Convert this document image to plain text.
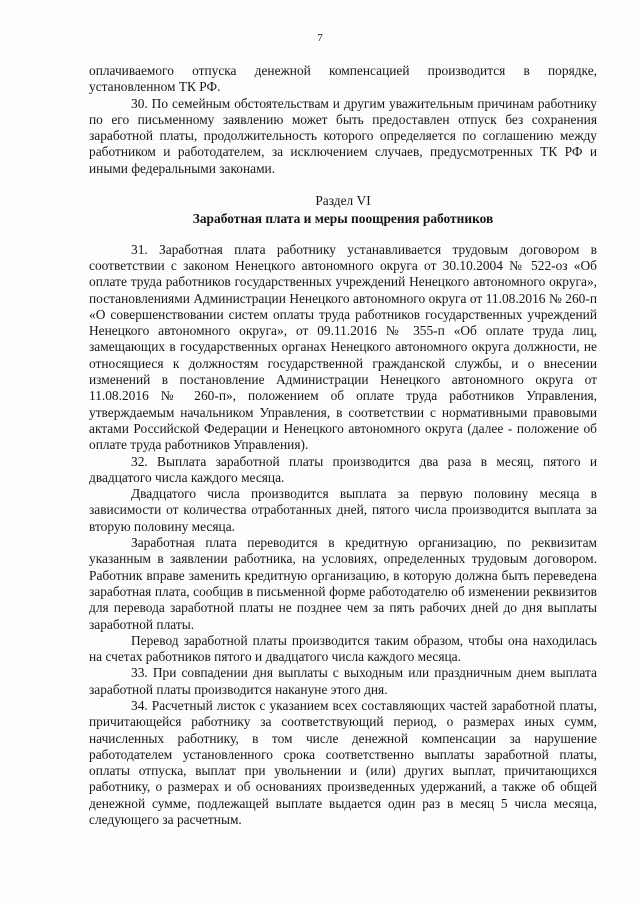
7

оплачиваемого отпуска денежной компенсацией производится в порядке, установленном ТК РФ.

30. По семейным обстоятельствам и другим уважительным причинам работнику по его письменному заявлению может быть предоставлен отпуск без сохранения заработной платы, продолжительность которого определяется по соглашению между работником и работодателем, за исключением случаев, предусмотренных ТК РФ и иными федеральными законами.

Раздел VI
Заработная плата и меры поощрения работников

31. Заработная плата работнику устанавливается трудовым договором в соответствии с законом Ненецкого автономного округа от 30.10.2004 № 522-оз «Об оплате труда работников государственных учреждений Ненецкого автономного округа», постановлениями Администрации Ненецкого автономного округа от 11.08.2016 № 260-п «О совершенствовании систем оплаты труда работников государственных учреждений Ненецкого автономного округа», от 09.11.2016 № 355-п «Об оплате труда лиц, замещающих в государственных органах Ненецкого автономного округа должности, не относящиеся к должностям государственной гражданской службы, и о внесении изменений в постановление Администрации Ненецкого автономного округа от 11.08.2016 № 260-п», положением об оплате труда работников Управления, утверждаемым начальником Управления, в соответствии с нормативными правовыми актами Российской Федерации и Ненецкого автономного округа (далее - положение об оплате труда работников Управления).

32. Выплата заработной платы производится два раза в месяц, пятого и двадцатого числа каждого месяца.

Двадцатого числа производится выплата за первую половину месяца в зависимости от количества отработанных дней, пятого числа производится выплата за вторую половину месяца.

Заработная плата переводится в кредитную организацию, по реквизитам указанным в заявлении работника, на условиях, определенных трудовым договором. Работник вправе заменить кредитную организацию, в которую должна быть переведена заработная плата, сообщив в письменной форме работодателю об изменении реквизитов для перевода заработной платы не позднее чем за пять рабочих дней до дня выплаты заработной платы.

Перевод заработной платы производится таким образом, чтобы она находилась на счетах работников пятого и двадцатого числа каждого месяца.

33. При совпадении дня выплаты с выходным или праздничным днем выплата заработной платы производится накануне этого дня.

34. Расчетный листок с указанием всех составляющих частей заработной платы, причитающейся работнику за соответствующий период, о размерах иных сумм, начисленных работнику, в том числе денежной компенсации за нарушение работодателем установленного срока соответственно выплаты заработной платы, оплаты отпуска, выплат при увольнении и (или) других выплат, причитающихся работнику, о размерах и об основаниях произведенных удержаний, а также об общей денежной сумме, подлежащей выплате выдается один раз в месяц 5 числа месяца, следующего за расчетным.
